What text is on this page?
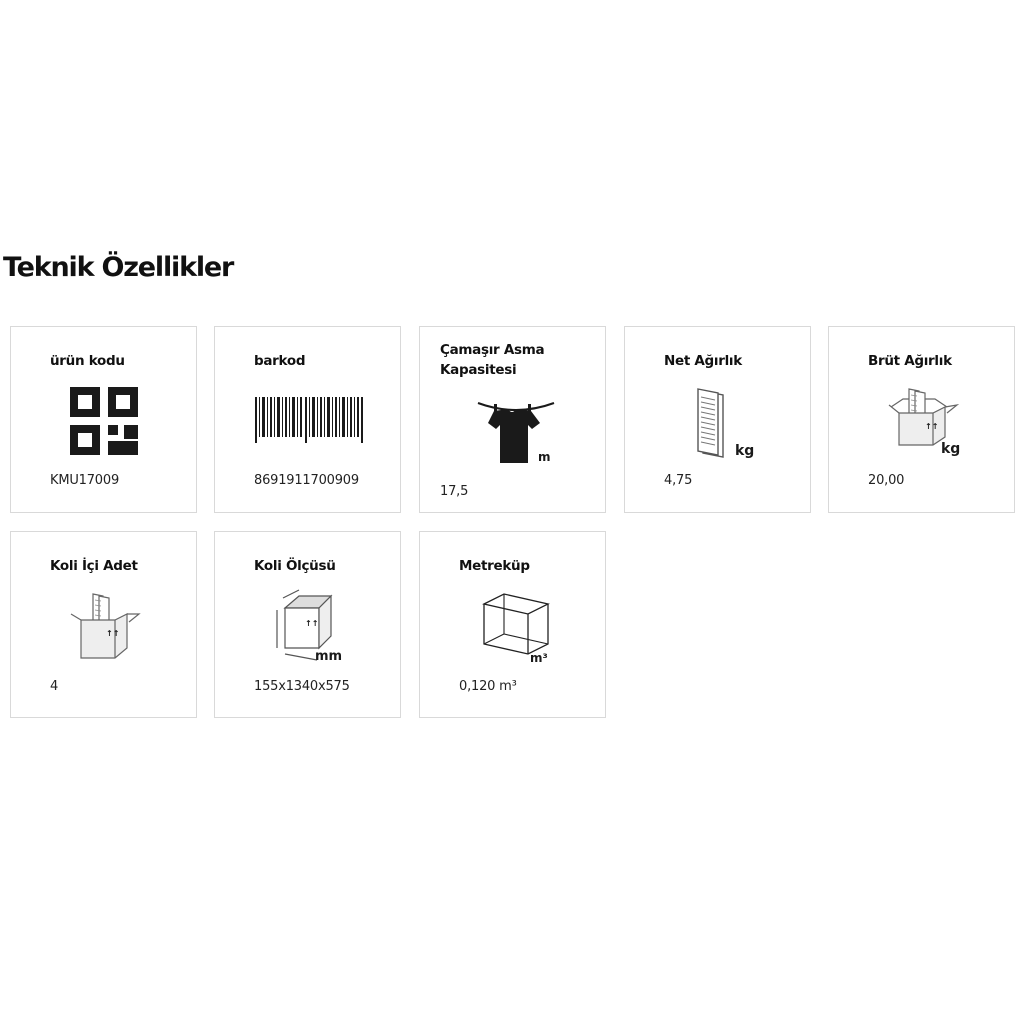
Teknik Özellikler
ürün kodu
KMU17009
barkod
8691911700909
Çamaşır Asma Kapasitesi
m
17,5
Net Ağırlık
kg
4,75
Brüt Ağırlık
↑↑
kg
20,00
Koli İçi Adet
↑↑
4
Koli Ölçüsü
↑↑
mm
155x1340x575
Metreküp
m³
0,120 m³
